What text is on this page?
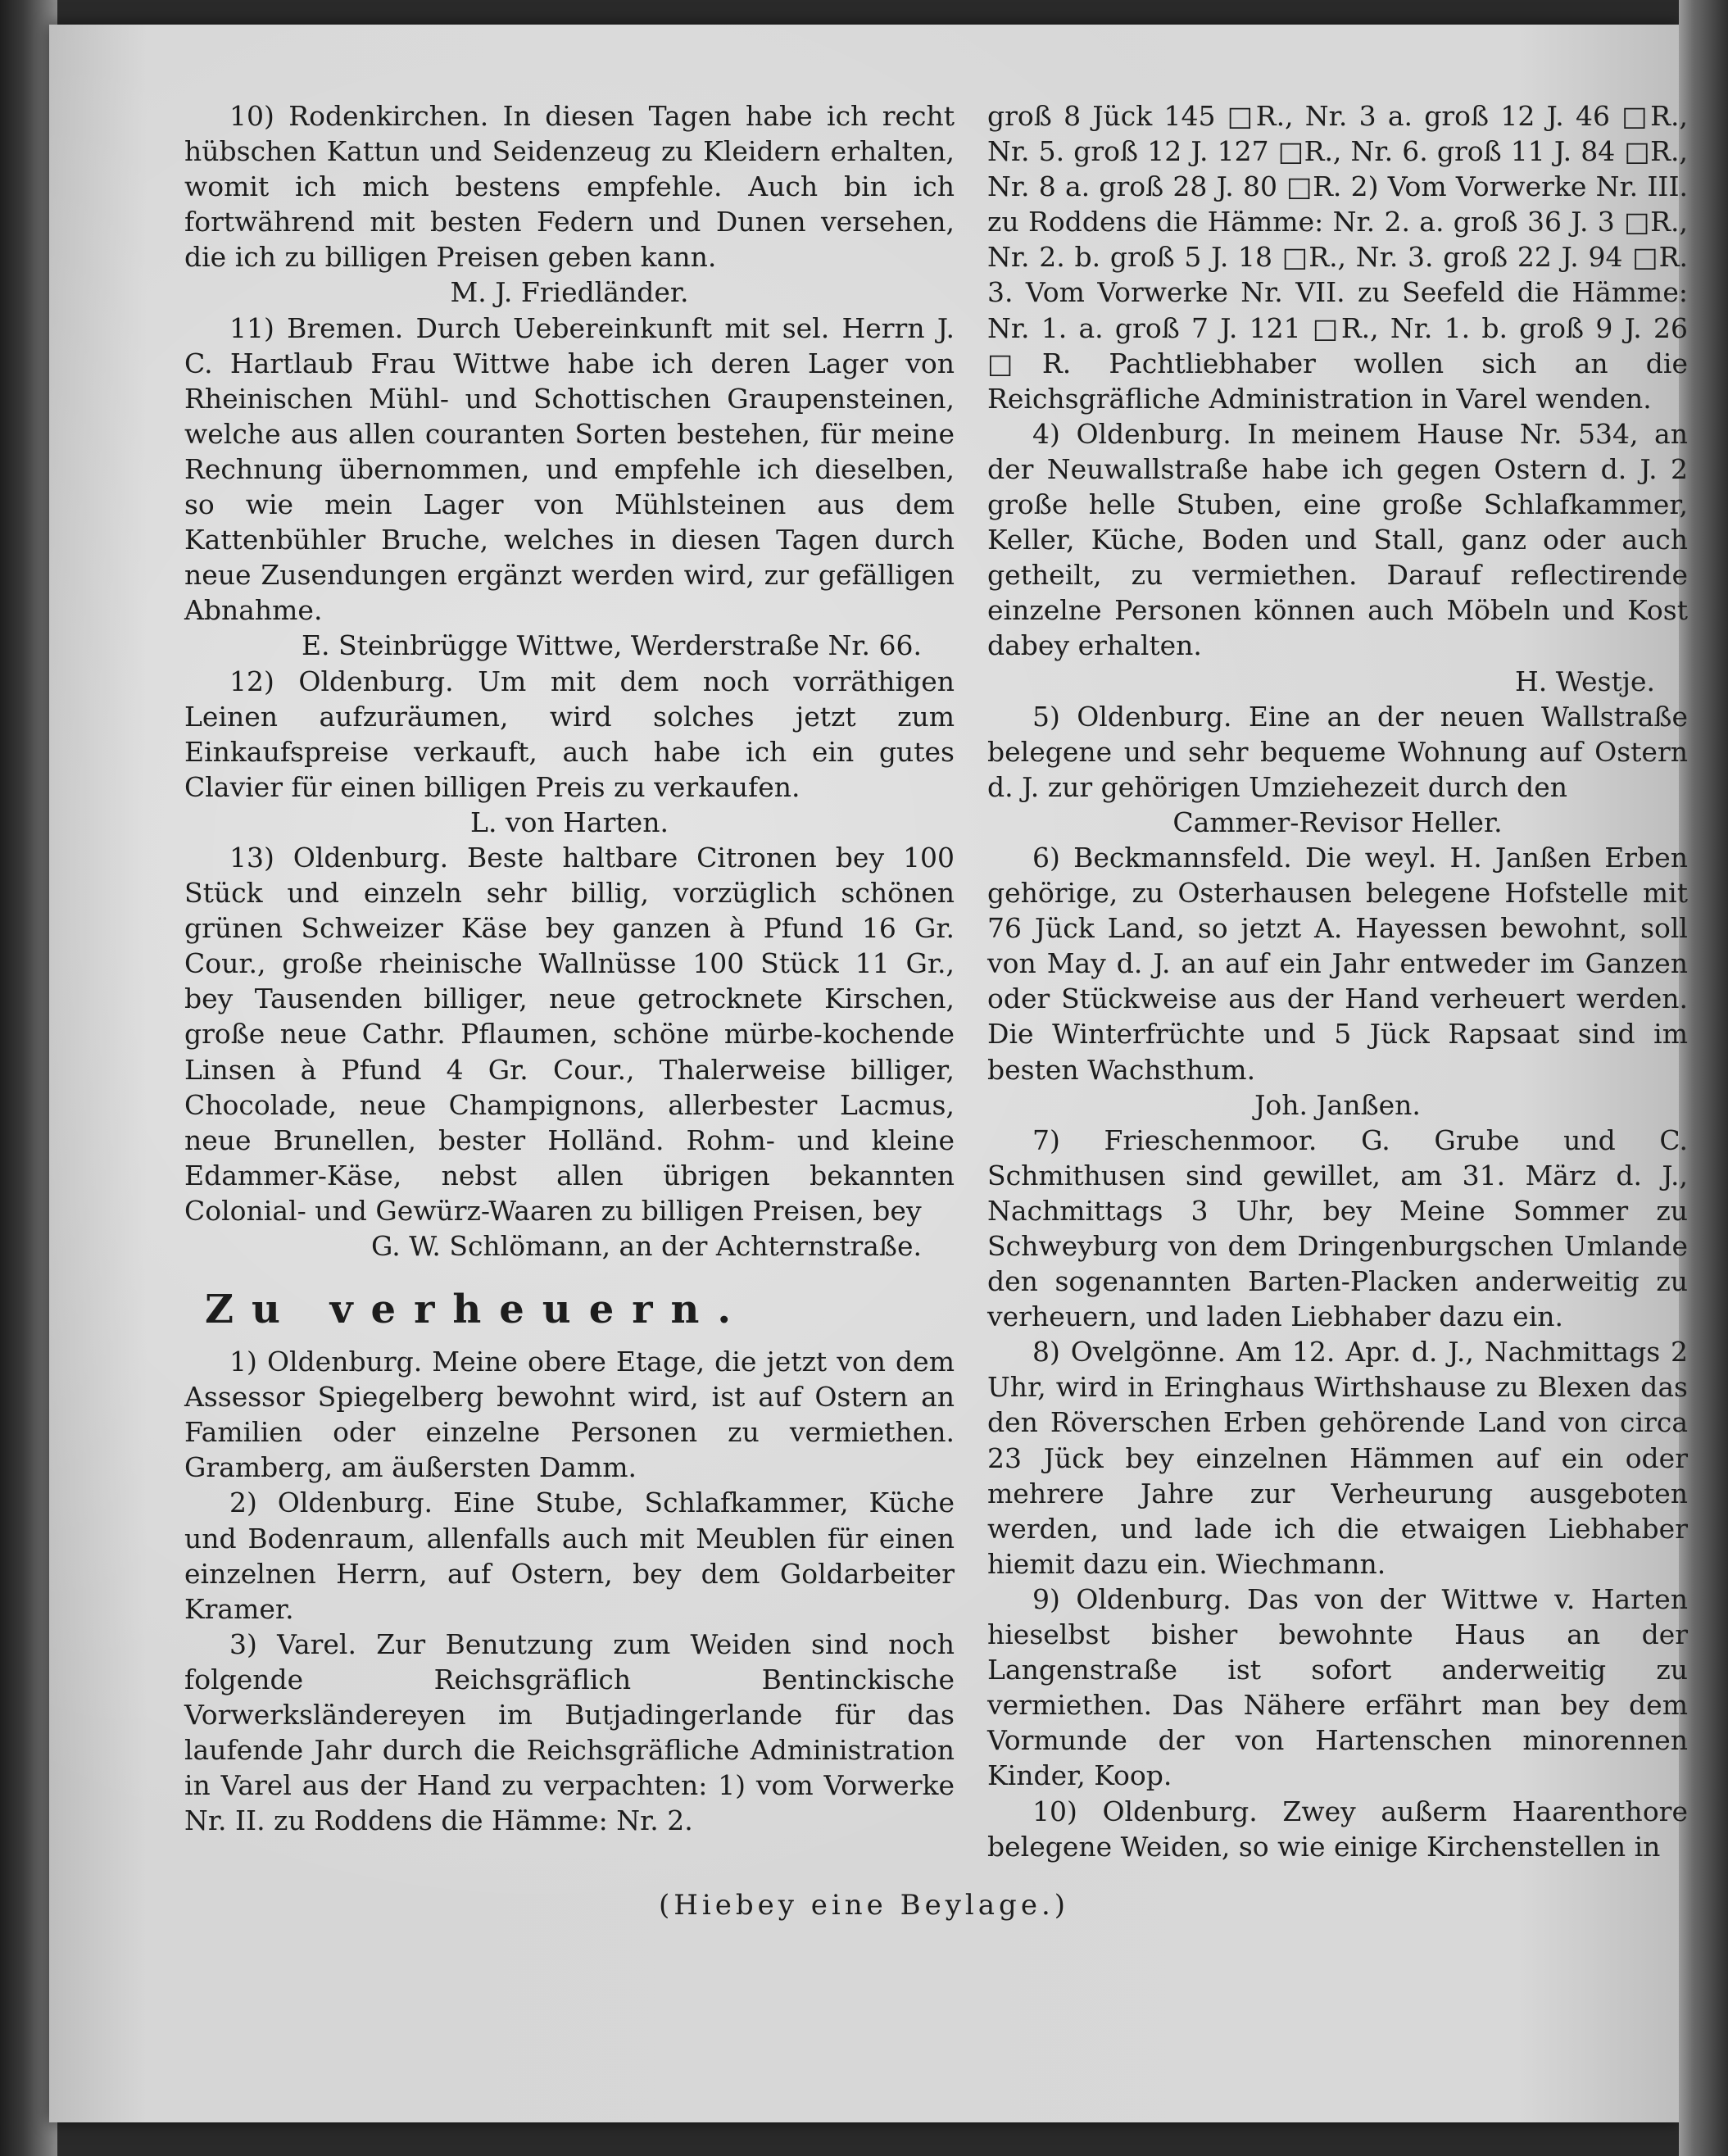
10) Rodenkirchen. In diesen Tagen habe ich recht hübschen Kattun und Seidenzeug zu Kleidern erhalten, womit ich mich bestens empfehle. Auch bin ich fortwährend mit besten Federn und Dunen versehen, die ich zu billigen Preisen geben kann.

M. J. Friedländer.

11) Bremen. Durch Uebereinkunft mit sel. Herrn J. C. Hartlaub Frau Wittwe habe ich deren Lager von Rheinischen Mühl- und Schottischen Graupensteinen, welche aus allen couranten Sorten bestehen, für meine Rechnung übernommen, und empfehle ich dieselben, so wie mein Lager von Mühlsteinen aus dem Kattenbühler Bruche, welches in diesen Tagen durch neue Zusendungen ergänzt werden wird, zur gefälligen Abnahme.

E. Steinbrügge Wittwe, Werderstraße Nr. 66.

12) Oldenburg. Um mit dem noch vorräthigen Leinen aufzuräumen, wird solches jetzt zum Einkaufspreise verkauft, auch habe ich ein gutes Clavier für einen billigen Preis zu verkaufen.

L. von Harten.

13) Oldenburg. Beste haltbare Citronen bey 100 Stück und einzeln sehr billig, vorzüglich schönen grünen Schweizer Käse bey ganzen à Pfund 16 Gr. Cour., große rheinische Wallnüsse 100 Stück 11 Gr., bey Tausenden billiger, neue getrocknete Kirschen, große neue Cathr. Pflaumen, schöne mürbe-kochende Linsen à Pfund 4 Gr. Cour., Thalerweise billiger, Chocolade, neue Champignons, allerbester Lacmus, neue Brunellen, bester Holländ. Rohm- und kleine Edammer-Käse, nebst allen übrigen bekannten Colonial- und Gewürz-Waaren zu billigen Preisen, bey

G. W. Schlömann, an der Achternstraße.

Zu verheuern.

1) Oldenburg. Meine obere Etage, die jetzt von dem Assessor Spiegelberg bewohnt wird, ist auf Ostern an Familien oder einzelne Personen zu vermiethen. Gramberg, am äußersten Damm.

2) Oldenburg. Eine Stube, Schlafkammer, Küche und Bodenraum, allenfalls auch mit Meublen für einen einzelnen Herrn, auf Ostern, bey dem Goldarbeiter Kramer.

3) Varel. Zur Benutzung zum Weiden sind noch folgende Reichsgräflich Bentinckische Vorwerksländereyen im Butjadingerlande für das laufende Jahr durch die Reichsgräfliche Administration in Varel aus der Hand zu verpachten: 1) vom Vorwerke Nr. II. zu Roddens die Hämme: Nr. 2.

groß 8 Jück 145 □R., Nr. 3 a. groß 12 J. 46 □R., Nr. 5. groß 12 J. 127 □R., Nr. 6. groß 11 J. 84 □R., Nr. 8 a. groß 28 J. 80 □R. 2) Vom Vorwerke Nr. III. zu Roddens die Hämme: Nr. 2. a. groß 36 J. 3 □R., Nr. 2. b. groß 5 J. 18 □R., Nr. 3. groß 22 J. 94 □R. 3. Vom Vorwerke Nr. VII. zu Seefeld die Hämme: Nr. 1. a. groß 7 J. 121 □R., Nr. 1. b. groß 9 J. 26 □R. Pachtliebhaber wollen sich an die Reichsgräfliche Administration in Varel wenden.

4) Oldenburg. In meinem Hause Nr. 534, an der Neuwallstraße habe ich gegen Ostern d. J. 2 große helle Stuben, eine große Schlafkammer, Keller, Küche, Boden und Stall, ganz oder auch getheilt, zu vermiethen. Darauf reflectirende einzelne Personen können auch Möbeln und Kost dabey erhalten.

H. Westje.

5) Oldenburg. Eine an der neuen Wallstraße belegene und sehr bequeme Wohnung auf Ostern d. J. zur gehörigen Umziehezeit durch den

Cammer-Revisor Heller.

6) Beckmannsfeld. Die weyl. H. Janßen Erben gehörige, zu Osterhausen belegene Hofstelle mit 76 Jück Land, so jetzt A. Hayessen bewohnt, soll von May d. J. an auf ein Jahr entweder im Ganzen oder Stückweise aus der Hand verheuert werden. Die Winterfrüchte und 5 Jück Rapsaat sind im besten Wachsthum.

Joh. Janßen.

7) Frieschenmoor. G. Grube und C. Schmithusen sind gewillet, am 31. März d. J., Nachmittags 3 Uhr, bey Meine Sommer zu Schweyburg von dem Dringenburgschen Umlande den sogenannten Barten-Placken anderweitig zu verheuern, und laden Liebhaber dazu ein.

8) Ovelgönne. Am 12. Apr. d. J., Nachmittags 2 Uhr, wird in Eringhaus Wirthshause zu Blexen das den Röverschen Erben gehörende Land von circa 23 Jück bey einzelnen Hämmen auf ein oder mehrere Jahre zur Verheurung ausgeboten werden, und lade ich die etwaigen Liebhaber hiemit dazu ein. Wiechmann.

9) Oldenburg. Das von der Wittwe v. Harten hieselbst bisher bewohnte Haus an der Langenstraße ist sofort anderweitig zu vermiethen. Das Nähere erfährt man bey dem Vormunde der von Hartenschen minorennen Kinder, Koop.

10) Oldenburg. Zwey außerm Haarenthore belegene Weiden, so wie einige Kirchenstellen in

(Hiebey eine Beylage.)
